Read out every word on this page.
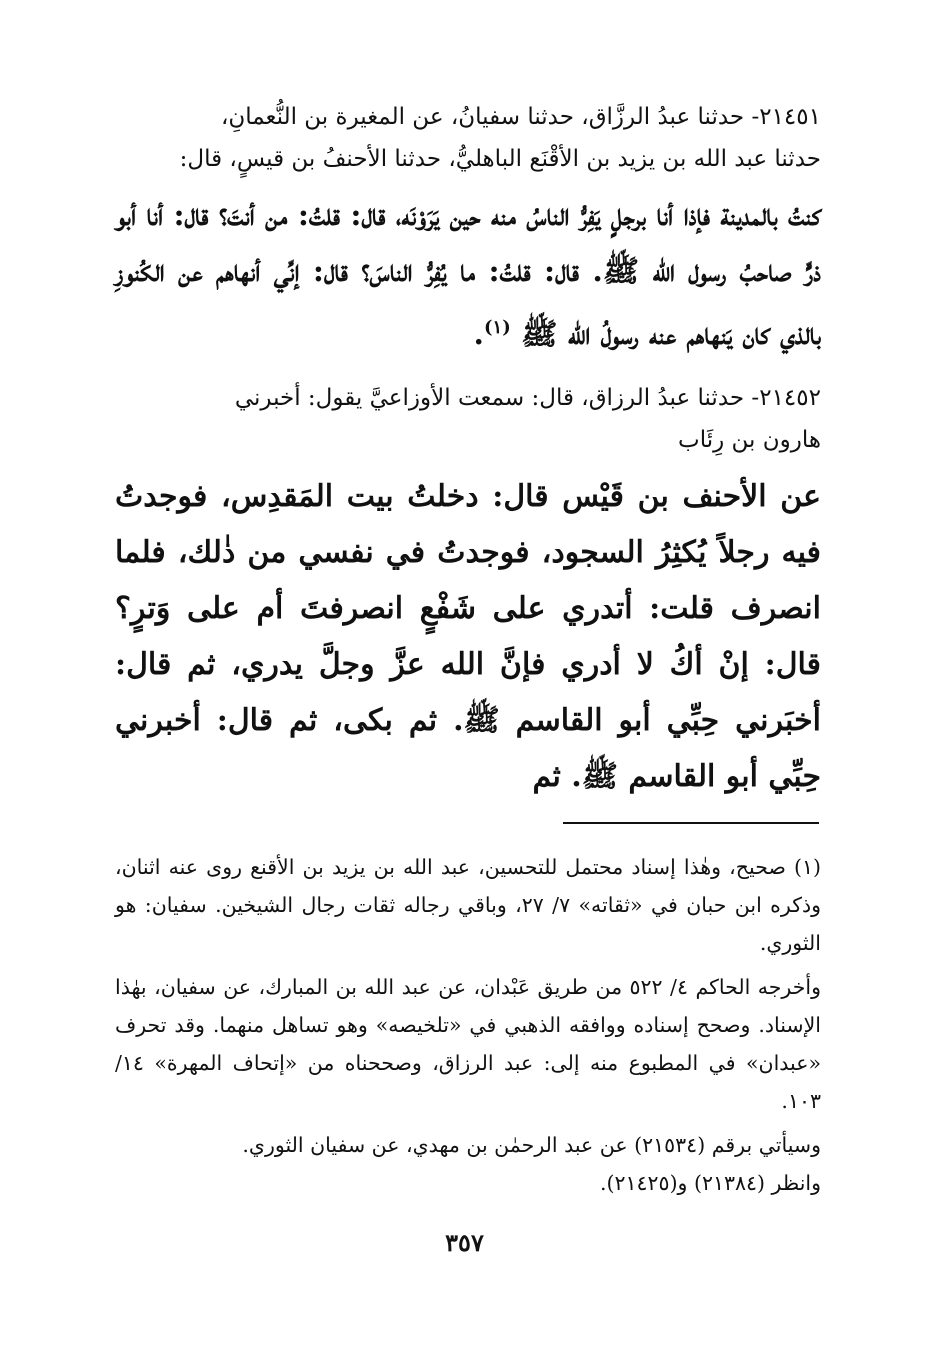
٢١٤٥١- حدثنا عبدُ الرزَّاق، حدثنا سفيانُ، عن المغيرة بن النُّعمانِ،

حدثنا عبد الله بن يزيد بن الأقْنَع الباهليُّ، حدثنا الأحنفُ بن قيسٍ، قال:

كنتُ بالمدينة فإذا أنا برجلٍ يَفِرُّ الناسُ منه حين يَرَوْنَه، قال: قلتُ: من أنتَ؟ قال: أنا أبو ذرٍّ صاحبُ رسول الله ﷺ. قال: قلتُ: ما يُفِرُّ الناسَ؟ قال: إنِّي أنهاهم عن الكُنوزِ بالذي كان يَنهاهم عنه رسولُ الله ﷺ $^{(١)}$.

٢١٤٥٢- حدثنا عبدُ الرزاق، قال: سمعت الأوزاعيَّ يقول: أخبرني

هارون بن رِئَاب

عن الأحنف بن قَيْس قال: دخلتُ بيت المَقدِس، فوجدتُ فيه رجلاً يُكثِرُ السجود، فوجدتُ في نفسي من ذٰلك، فلما انصرف قلت: أتدري على شَفْعٍ انصرفتَ أم على وَترٍ؟ قال: إنْ أكُ لا أدري فإنَّ الله عزَّ وجلَّ يدري، ثم قال: أخبَرني حِبِّي أبو القاسم ﷺ. ثم بكى، ثم قال: أخبرني حِبِّي أبو القاسم ﷺ. ثم

(١) صحيح، وهٰذا إسناد محتمل للتحسين، عبد الله بن يزيد بن الأقنع روى عنه اثنان، وذكره ابن حبان في «ثقاته» ٧/ ٢٧، وباقي رجاله ثقات رجال الشيخين. سفيان: هو الثوري.

وأخرجه الحاكم ٤/ ٥٢٢ من طريق عَبْدان، عن عبد الله بن المبارك، عن سفيان، بهٰذا الإسناد. وصحح إسناده ووافقه الذهبي في «تلخيصه» وهو تساهل منهما. وقد تحرف «عبدان» في المطبوع منه إلى: عبد الرزاق، وصححناه من «إتحاف المهرة» ١٤/ ١٠٣.

وسيأتي برقم (٢١٥٣٤) عن عبد الرحمٰن بن مهدي، عن سفيان الثوري.

وانظر (٢١٣٨٤) و(٢١٤٢٥).

٣٥٧
